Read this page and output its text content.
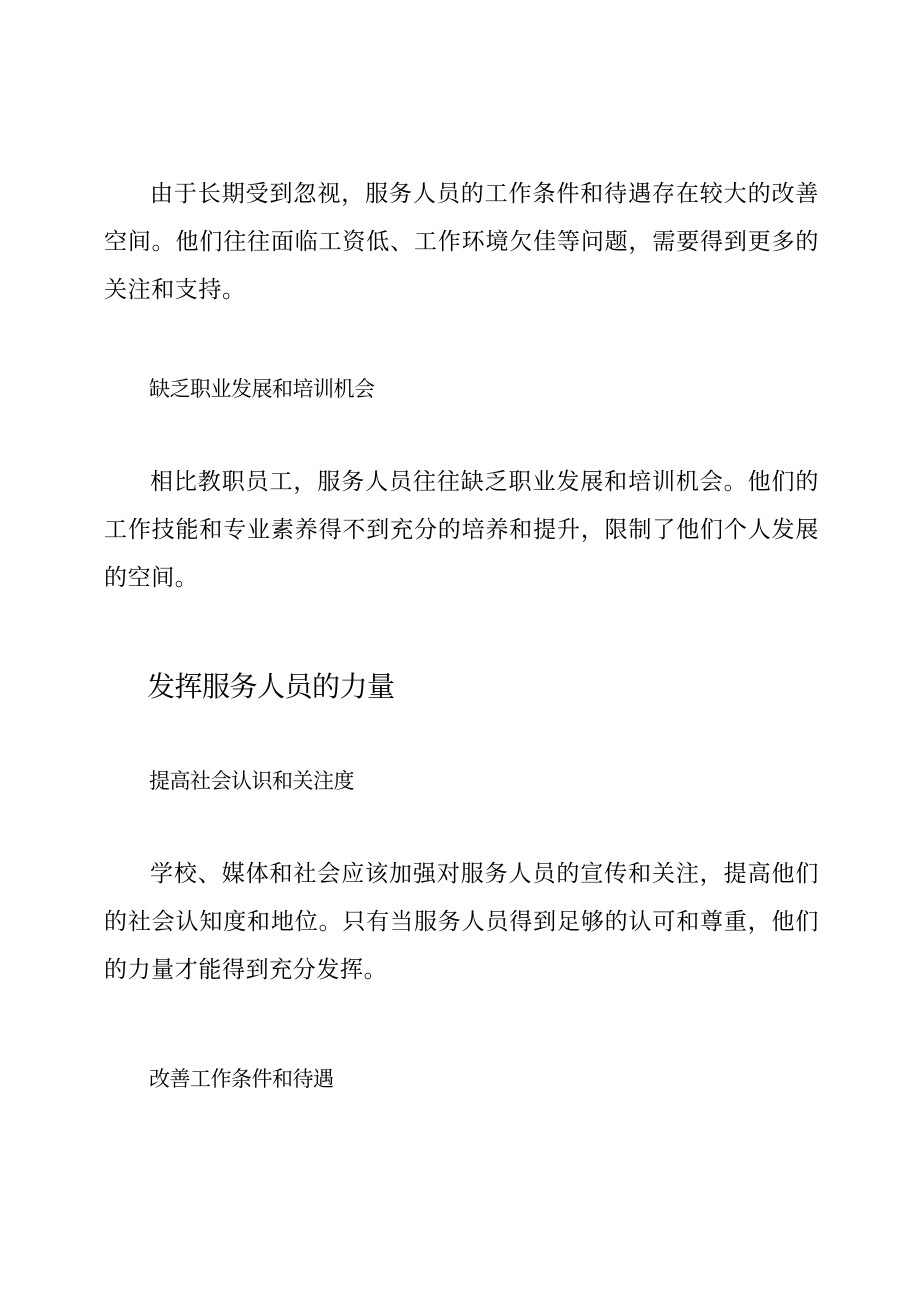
由于长期受到忽视，服务人员的工作条件和待遇存在较大的改善空间。他们往往面临工资低、工作环境欠佳等问题，需要得到更多的关注和支持。

缺乏职业发展和培训机会

相比教职员工，服务人员往往缺乏职业发展和培训机会。他们的工作技能和专业素养得不到充分的培养和提升，限制了他们个人发展的空间。

发挥服务人员的力量
提高社会认识和关注度

学校、媒体和社会应该加强对服务人员的宣传和关注，提高他们的社会认知度和地位。只有当服务人员得到足够的认可和尊重，他们的力量才能得到充分发挥。

改善工作条件和待遇
